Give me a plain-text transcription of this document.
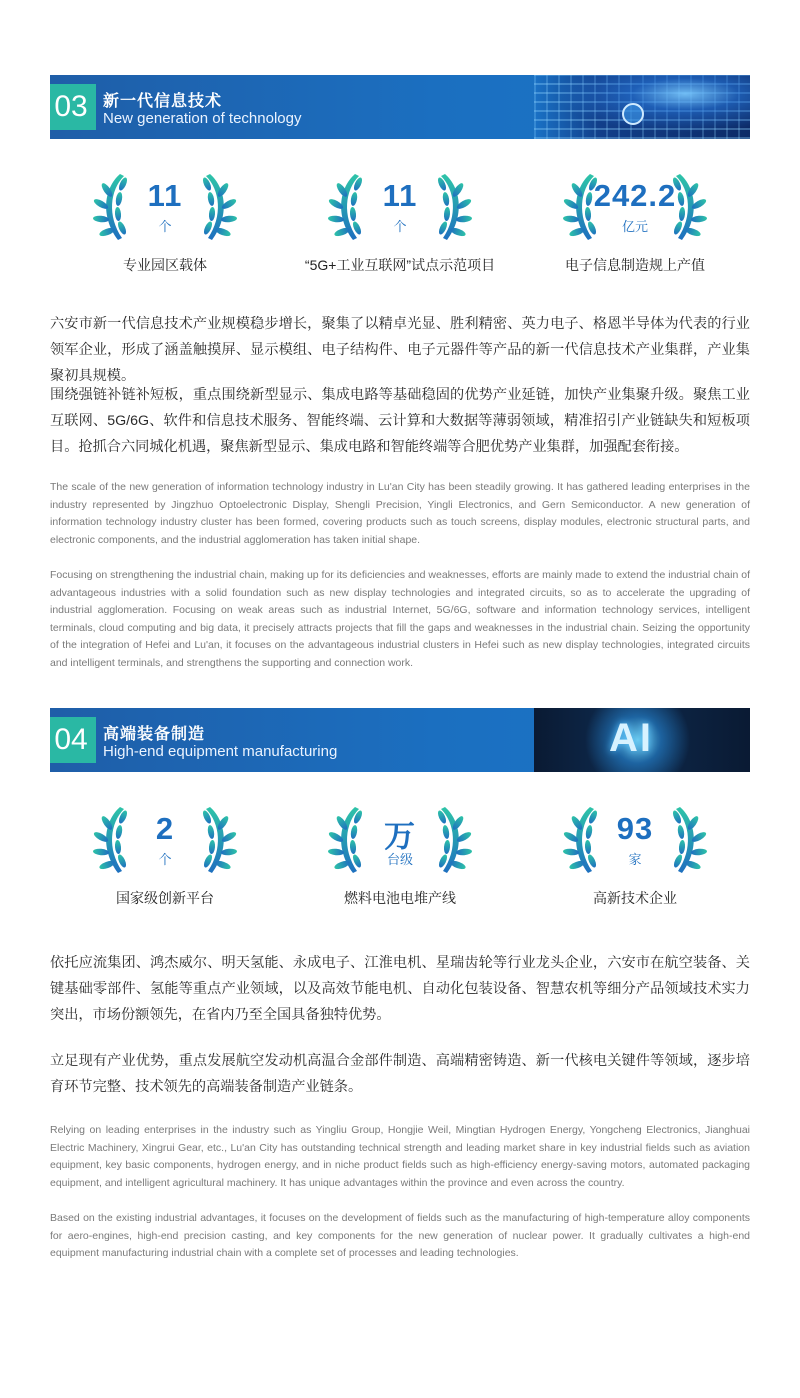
03 新一代信息技术
New generation of technology
11
个
专业园区载体
11
个
“5G+工业互联网”试点示范项目
242.2
亿元
电子信息制造规上产值
六安市新一代信息技术产业规模稳步增长，聚集了以精卓光显、胜利精密、英力电子、格恩半导体为代表的行业领军企业，形成了涵盖触摸屏、显示模组、电子结构件、电子元器件等产品的新一代信息技术产业集群，产业集聚初具规模。
围绕强链补链补短板，重点围绕新型显示、集成电路等基础稳固的优势产业延链，加快产业集聚升级。聚焦工业互联网、5G/6G、软件和信息技术服务、智能终端、云计算和大数据等薄弱领域，精准招引产业链缺失和短板项目。抢抓合六同城化机遇，聚焦新型显示、集成电路和智能终端等合肥优势产业集群，加强配套衔接。
The scale of the new generation of information technology industry in Lu'an City has been steadily growing. It has gathered leading enterprises in the industry represented by Jingzhuo Optoelectronic Display, Shengli Precision, Yingli Electronics, and Gern Semiconductor. A new generation of information technology industry cluster has been formed, covering products such as touch screens, display modules, electronic structural parts, and electronic components, and the industrial agglomeration has taken initial shape.
Focusing on strengthening the industrial chain, making up for its deficiencies and weaknesses, efforts are mainly made to extend the industrial chain of advantageous industries with a solid foundation such as new display technologies and integrated circuits, so as to accelerate the upgrading of industrial agglomeration. Focusing on weak areas such as industrial Internet, 5G/6G, software and information technology services, intelligent terminals, cloud computing and big data, it precisely attracts projects that fill the gaps and weaknesses in the industrial chain. Seizing the opportunity of the integration of Hefei and Lu'an, it focuses on the advantageous industrial clusters in Hefei such as new display technologies, integrated circuits and intelligent terminals, and strengthens the supporting and connection work.
04 高端装备制造
High-end equipment manufacturing	AI
2
个
国家级创新平台
万
台级
燃料电池电堆产线
93
家
高新技术企业
依托应流集团、鸿杰威尔、明天氢能、永成电子、江淮电机、星瑞齿轮等行业龙头企业，六安市在航空装备、关键基础零部件、氢能等重点产业领域，以及高效节能电机、自动化包装设备、智慧农机等细分产品领域技术实力突出，市场份额领先，在省内乃至全国具备独特优势。
立足现有产业优势，重点发展航空发动机高温合金部件制造、高端精密铸造、新一代核电关键件等领域，逐步培育环节完整、技术领先的高端装备制造产业链条。
Relying on leading enterprises in the industry such as Yingliu Group, Hongjie Weil, Mingtian Hydrogen Energy, Yongcheng Electronics, Jianghuai Electric Machinery, Xingrui Gear, etc., Lu'an City has outstanding technical strength and leading market share in key industrial fields such as aviation equipment, key basic components, hydrogen energy, and in niche product fields such as high-efficiency energy-saving motors, automated packaging equipment, and intelligent agricultural machinery. It has unique advantages within the province and even across the country.
Based on the existing industrial advantages, it focuses on the development of fields such as the manufacturing of high-temperature alloy components for aero-engines, high-end precision casting, and key components for the new generation of nuclear power. It gradually cultivates a high-end equipment manufacturing industrial chain with a complete set of processes and leading technologies.
